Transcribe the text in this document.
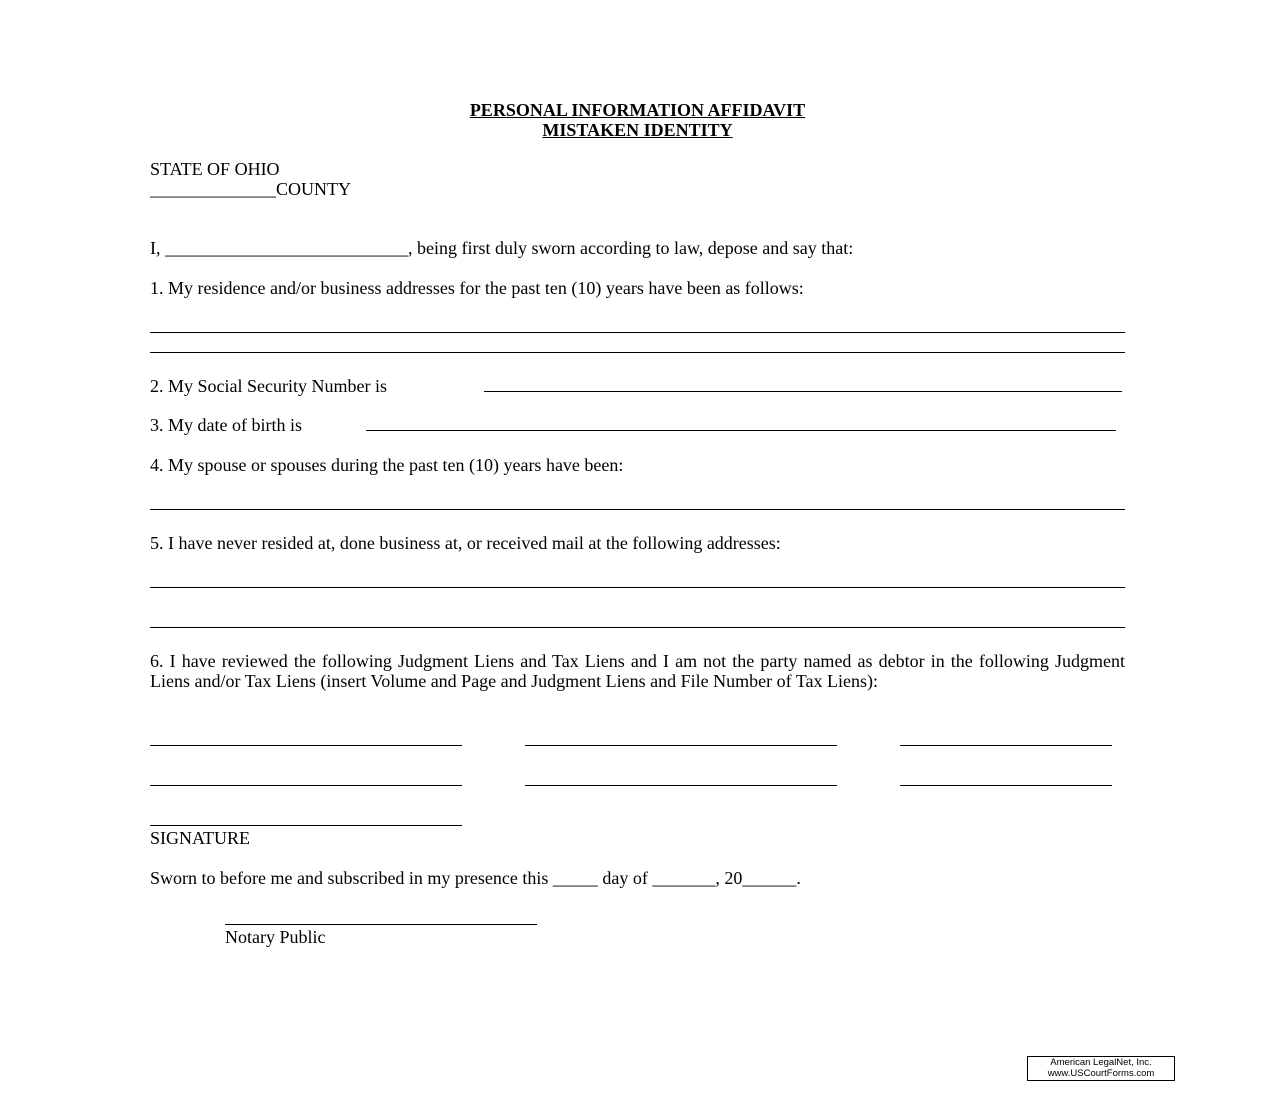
PERSONAL INFORMATION AFFIDAVIT
MISTAKEN IDENTITY
STATE OF OHIO
______________COUNTY
I, ___________________________, being first duly sworn according to law, depose and say that:
1. My residence and/or business addresses for the past ten (10) years have been as follows:
2. My Social Security Number is
3. My date of birth is
4. My spouse or spouses during the past ten (10) years have been:
5. I have never resided at, done business at, or received mail at the following addresses:
6. I have reviewed the following Judgment Liens and Tax Liens and I am not the party named as debtor in the following Judgment Liens and/or Tax Liens (insert Volume and Page and Judgment Liens and File Number of Tax Liens):
SIGNATURE
Sworn to before me and subscribed in my presence this _____ day of _______, 20______.
Notary Public
American LegalNet, Inc.
www.USCourtForms.com
